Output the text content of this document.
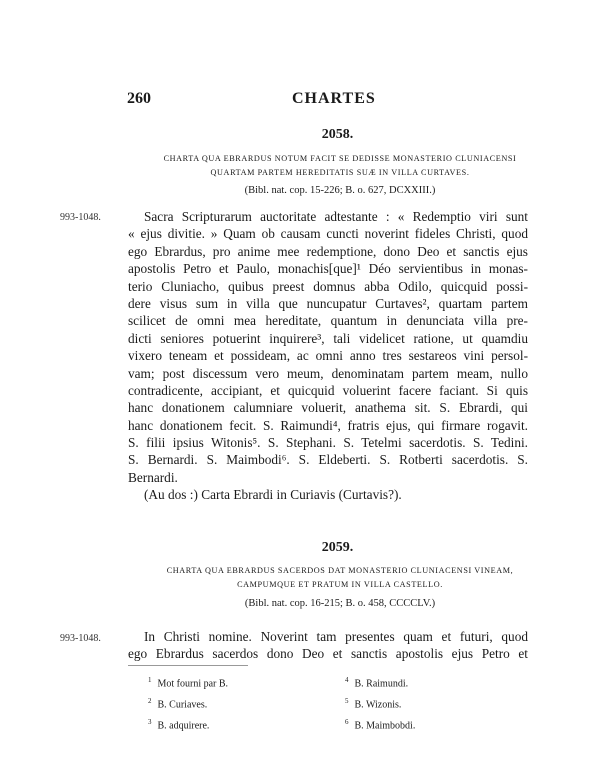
260	CHARTES
2058.
CHARTA QUA EBRARDUS NOTUM FACIT SE DEDISSE MONASTERIO CLUNIACENSI
QUARTAM PARTEM HEREDITATIS SUÆ IN VILLA CURTAVES.
(Bibl. nat. cop. 15-226; B. o. 627, DCXXIII.)
993-1048.	Sacra Scripturarum auctoritate adtestante : « Redemptio viri sunt
« ejus divitie. » Quam ob causam cuncti noverint fideles Christi, quod
ego Ebrardus, pro anime mee redemptione, dono Deo et sanctis ejus
apostolis Petro et Paulo, monachis[que]¹ Déo servientibus in monas-
terio Cluniacho, quibus preest domnus abba Odilo, quicquid possi-
dere visus sum in villa que nuncupatur Curtaves², quartam partem
scilicet de omni mea hereditate, quantum in denunciata villa pre-
dicti seniores potuerint inquirere³, tali videlicet ratione, ut quamdiu
vixero teneam et possideam, ac omni anno tres sestareos vini persol-
vam; post discessum vero meum, denominatam partem meam, nullo
contradicente, accipiant, et quicquid voluerint facere faciant. Si quis
hanc donationem calumniare voluerit, anathema sit. S. Ebrardi, qui
hanc donationem fecit. S. Raimundi⁴, fratris ejus, qui firmare rogavit.
S. filii ipsius Witonis⁵. S. Stephani. S. Tetelmi sacerdotis. S. Tedini.
S. Bernardi. S. Maimbodi⁶. S. Eldeberti. S. Rotberti sacerdotis. S.
Bernardi.
(Au dos :) Carta Ebrardi in Curiavis (Curtavis?).
2059.
CHARTA QUA EBRARDUS SACERDOS DAT MONASTERIO CLUNIACENSI VINEAM,
CAMPUMQUE ET PRATUM IN VILLA CASTELLO.
(Bibl. nat. cop. 16-215; B. o. 458, CCCCLV.)
993-1048.	In Christi nomine. Noverint tam presentes quam et futuri, quod
ego Ebrardus sacerdos dono Deo et sanctis apostolis ejus Petro et
$^1$ Mot fourni par B.
$^2$ B. Curiaves.
$^3$ B. adquirere.
$^4$ B. Raimundi.
$^5$ B. Wizonis.
$^6$ B. Maimbobdi.
